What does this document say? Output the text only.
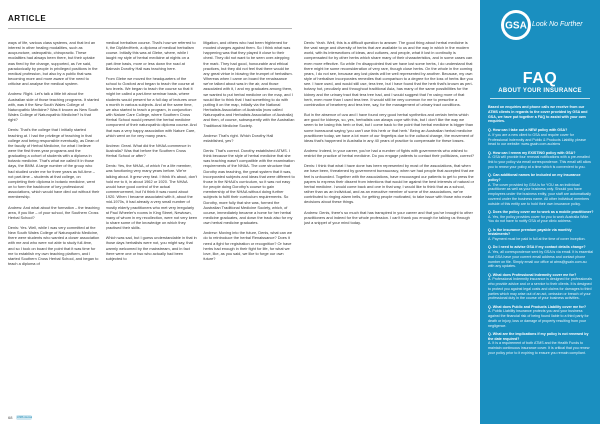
ARTICLE

ways of life, various class systems, and that led an interest in other healing modalities, such as acupuncture, osteopathic, chiropractic. These modalities had always been there, but their uptake was fired by the change, supported, as I've said, paradoxically by people in privileged positions in the medical profession, but also by a public that was becoming more and more aware of the need to criticise and analyse the medical system.

Andrew: Right. Let's talk a little bit about the Australian side of those teaching programs. It started with, was it the New South Wales College of Naturopathic Medicine? Was it known as New South Wales College of Naturopathic Medicine? Is that right?

Denis: That's the college that I initially started teaching at. I had the privilege of teaching in that college and being responsible eventually, as Dean of the faculty of Herbal Medicine, for what I believe were the first three-year programs and the graduating a cohort of students with a diploma in botanic medicine. That's what we called it in those days, the BMM. A large number of the group who had studied under me for three years as full-time – not part-time – students at that college, on completing their diploma in botanic medicine, went on to form the backbone of key professional associations, which would have died out without their membership.

Andrew: And what about the formation – the teaching area, if you like – of your school, the Southern Cross Herbal School?

Denis: Yes. Well, while I was very committed at the New South Wales College of Naturopathic Medicine, there were students who wanted a closer association with me and who were not able to study full-time, and so I took on board the point that it was time for me to establish my own teaching platform, and I started Southern Cross Herbal School, and began to teach a diploma of

medical herbalism course. That's how we referred to it, the DipMedHerb, a diploma of medical herbalism course. Initially this was at Glebe, where, while I taught my style of herbal medicine at nights on a part-time basis, more or less down the road at Balmain Dorothy Hall was teaching here.

From Glebe we moved the headquarters of the school to Gosford and began to teach the course at two levels. We began to teach the course so that it might be called a part-time seminar basis, where students would present for a full day of lectures once a month in various subjects. And at the same time, we also started to teach a program, in conjunction with Nature Care College, where Southern Cross Herbal School would present the herbal medicine component of their naturopathic diploma course. And that was a very happy association with Nature Care, which went on for very many years.

Andrew: Great. What did the NHAA commence in Australia? Was that before the Southern Cross Herbal School or after?

Denis: Yes, the NHAA, of which I'm a life member, was functioning very many years before. We're talking about. It grew very fast. I think it's about, don't hold me to it, in about 1962 or 1920. The NHAA would have good control of the actual commencement, but I'd think it was round about 1920. When I became associated with it, about the mid-1970s, it had already a very small number of mostly elderly practitioners who met very irregularly at Paul Wheeler's rooms in King Street, Newtown, many of whom in my recollection, were not very keen to share some of the knowledge on which they practised their skills.

Which was sad, but I guess understandable in that in those days herbalists were not, you might say, that warmly welcomed by the mainstream, and in fact there were one or two who actually had been subjected to

litigation, and others who had been frightened for mooted charges against them. So I think what was happening was that they played it close to their chest. They did not want to be seen over-stepping the mark. They had good, honourable and ethical practices, but they did not feel that there would be any great virtue in blowing the trumpet of herbalism. Whereas when I came on board the renaissance we've talked about was in the air, and those associated with it, I and my graduates among them, we wanted to put herbal medicine on the map, and I would like to think that I had something to do with putting it on the map, initially via the National Herbalists Association of Australia (now called Naturopaths and Herbalists Association of Australia) and then, of course, subsequently with the Australian Traditional Medicine Society.

Andrew: That's right. Which Dorothy Hall established, yes?

Denis: That's correct. Dorothy established ATMS. I think because the style of herbal medicine that she was teaching wasn't compatible with the examination requirements of the NHAA. The core structure that Dorothy was teaching, the great system that it was, incorporated subjects and ideas that were different to those in the NHAA's curriculum, so it was not easy for people doing Dorothy's course to gain membership of the NHAA without doing further subjects to fulfil their curriculum requirements. So Dorothy, more fully that she was, formed the Australian Traditional Medicine Society, which, of course, immediately became a home for her herbal medicine graduates, and down the track also for my own herbal medicine graduates.

Andrew: Moving into the future, Denis, what can we do to reintroduce the herbal Renaissance? Does it need a fight for registration or recognition? Or have herbs had enough in their fight for life, for what we love, like, as you said, we like to forge our own future?

68 ATMS Journal

Denis: Yeah. Well, this is a difficult question to answer. The good thing about herbal medicine is the vast range and diversity of herbs that are available to us and the way in which in the modern world, with its intersections of ideas, and cultures, and people, what it lost in continuity is compensated for by other herbs which share many of their characteristics, and in some cases can even more effective. So while I'm disappointed that we have lost some herbs, I do understand that there might be some reconsideration of very rare, though close herbs. On the whole in the coming years, I do not see, because any lost plants will be well represented by another. Because, my own style of herbalism incorporates remedies that comparison to a degree for the loss of herbs like you see. I have used, and would still use, tera tree, but I have found that the herb that's known as peri-botany hot, peculiarly and throughout traditional Asia, has many of the same possibilities for the kidney and the urinary tract that tera tree had, and I would suggest that I'm using more of that herb, even more than I used tera tree. It would still be very common for me to prescribe a combination of bearberry and tera tree, say, for the management of urinary tract conditions.

But in the absence of uva and I have found very good herbal synthetics and certain herbs which are good for kidneys, so, yes, herbalists can always cope with this, but I don't like the way we seem to be losing this herb or that, but I come back to the point that herbal medicine is bigger than some bureaucrat saying 'you can't use this herb or that herb.' Being an Australian herbal medicine practitioner today, we have a lot more of our fingertips due to the cultural change, the movement of ideas that's happened in Australia in any 40 years of practice to compensate for these losses.

Andrew: Indeed, in your career, you've had a number of fights with governments who wished to restrict the practice of herbal medicine. Do you engage patients to contact their politicians, correct?

Denis: I think that what I have done has been represented by most of the associations, that when we have been, threatened by government bureaucracy, when we had people that accepted that we feel is unfounded. Together with the associations, have encouraged our patients to get to press the papers to express their dissent from intentions that would be against the best interests of natural or herbal medicine. I would come back and one in that way, I would like to think that as a school, rather than as an individual, and as an executive member of some of the associations, we've contributed to ringing alarm bells, for getting people motivated, to take issue with those who make decisions about these things.

Andrew: Denis, there's so much that has transpired in your career and that you've brought to other practitioners and indeed for the whole profession. I can't thank you enough for talking us through just a snippet of your mind today.

GSA Look No Further
FAQ
ABOUT YOUR INSURANCE

Based on enquiries and phone calls we receive from our ATMS clients in regards to the cover provided by GSA and GSA, we have put together a FAQ to assist with your own enquiries.

Q. How can I take out a NEW policy with GSA?
A. If you are a new client to GSA and require cover for Professional Indemnity and Public & Products Liability, please head to our website: www.gsain.com.au/atms
Q. How can I renew my EXISTING policy with GSA?
A. GSA will provide four renewal notifications with a pre-emailed link to your policy via email correspondence. This email will allow you to renew your policy at a time which is convenient to you.
Q. Can additional names be included on my insurance policy?
A. The cover provided by GSA is for YOU as an individual practitioner as well as your business only. Should you have employees under the business entity, your staff are automatically covered under the business name. All other individual members outside of this entity are to hold their own insurance policy.
Q. Does the policy cover me to work as a mobile practitioner?
A. Yes, the policy provides cover for you to work Australia Wide. You do not have to notify GSA of your clinic address.
Q. Is the insurance premium payable via monthly instalments?
A. Payment must be paid in full at the time of cover inception.
Q. Do I need to advise GSA if my contact details change?
A. Yes, all correspondence sent by GSA is via email. It is essential that GSA have your current email address and contact phone number on file. Simply email our office at atms@gsain.com.au with any updates.
Q. What does Professional Indemnity cover me for?
A. Professional Indemnity insurance is designed for professionals who provide advice and or a service to their clients. It is designed to protect you against legal costs and claims for damages to third parties which may arise out of an act, omission or breach of your professional duty in the course of your business activities.
Q. What does Public and Products Liability cover me for?
A. Public Liability insurance protects you and your business against the financial risk of being found liable to a third party for death or injury, loss or damage of property resulting from your negligence.
Q. What are the implications if my policy is not renewed by the date required?
A. It is a requirement of both ATMS and the Health Funds to maintain continuous insurance cover. It is critical that you renew your policy prior to it expiring to ensure you remain compliant.
